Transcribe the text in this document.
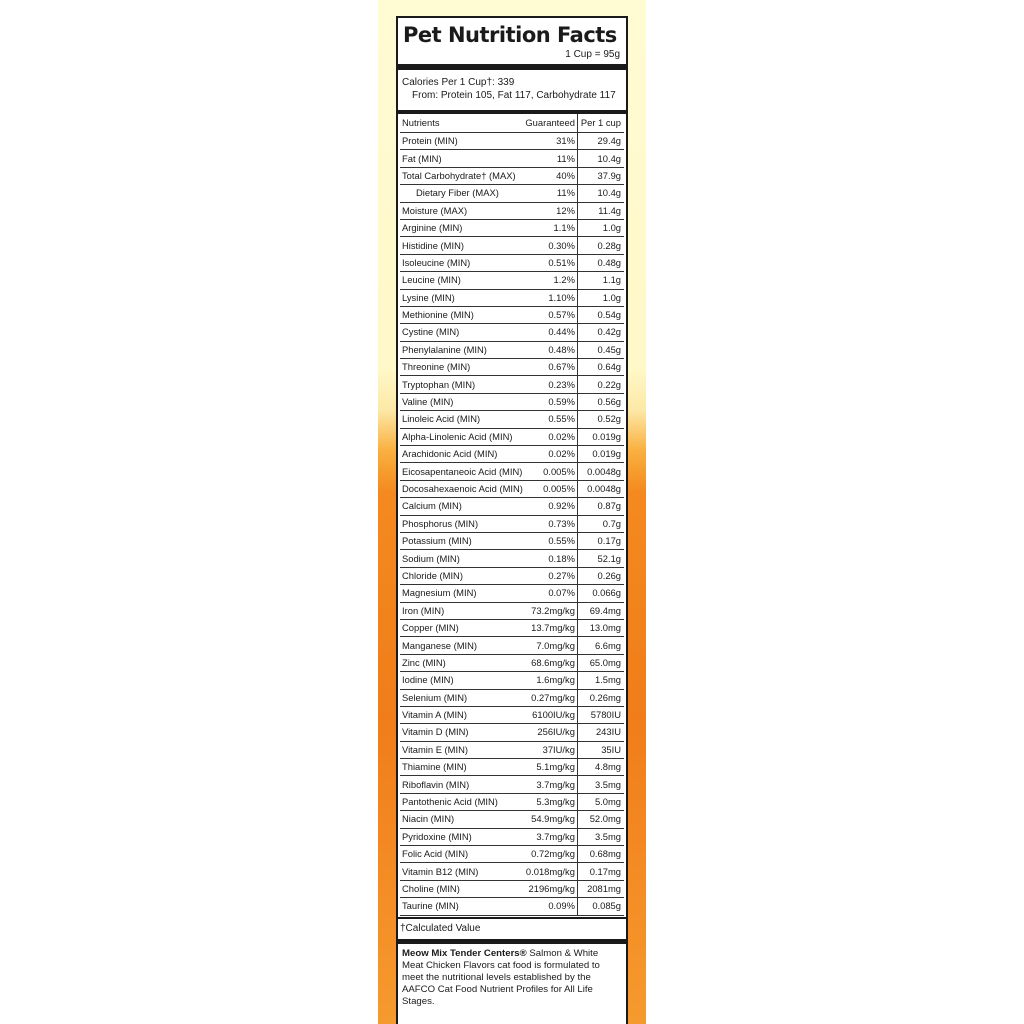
Pet Nutrition Facts
1 Cup = 95g
Calories Per 1 Cup†: 339
From: Protein 105, Fat 117, Carbohydrate 117
Nutrients	Guaranteed	Per 1 cup
Protein (MIN)	31%	29.4g
Fat (MIN)	11%	10.4g
Total Carbohydrate† (MAX)	40%	37.9g
Dietary Fiber (MAX)	11%	10.4g
Moisture (MAX)	12%	11.4g
Arginine (MIN)	1.1%	1.0g
Histidine (MIN)	0.30%	0.28g
Isoleucine (MIN)	0.51%	0.48g
Leucine (MIN)	1.2%	1.1g
Lysine (MIN)	1.10%	1.0g
Methionine (MIN)	0.57%	0.54g
Cystine (MIN)	0.44%	0.42g
Phenylalanine (MIN)	0.48%	0.45g
Threonine (MIN)	0.67%	0.64g
Tryptophan (MIN)	0.23%	0.22g
Valine (MIN)	0.59%	0.56g
Linoleic Acid (MIN)	0.55%	0.52g
Alpha-Linolenic Acid (MIN)	0.02%	0.019g
Arachidonic Acid (MIN)	0.02%	0.019g
Eicosapentaneoic Acid (MIN)	0.005%	0.0048g
Docosahexaenoic Acid (MIN)	0.005%	0.0048g
Calcium (MIN)	0.92%	0.87g
Phosphorus (MIN)	0.73%	0.7g
Potassium (MIN)	0.55%	0.17g
Sodium (MIN)	0.18%	52.1g
Chloride (MIN)	0.27%	0.26g
Magnesium (MIN)	0.07%	0.066g
Iron (MIN)	73.2mg/kg	69.4mg
Copper (MIN)	13.7mg/kg	13.0mg
Manganese (MIN)	7.0mg/kg	6.6mg
Zinc (MIN)	68.6mg/kg	65.0mg
Iodine (MIN)	1.6mg/kg	1.5mg
Selenium (MIN)	0.27mg/kg	0.26mg
Vitamin A (MIN)	6100IU/kg	5780IU
Vitamin D (MIN)	256IU/kg	243IU
Vitamin E (MIN)	37IU/kg	35IU
Thiamine (MIN)	5.1mg/kg	4.8mg
Riboflavin (MIN)	3.7mg/kg	3.5mg
Pantothenic Acid (MIN)	5.3mg/kg	5.0mg
Niacin (MIN)	54.9mg/kg	52.0mg
Pyridoxine (MIN)	3.7mg/kg	3.5mg
Folic Acid (MIN)	0.72mg/kg	0.68mg
Vitamin B12 (MIN)	0.018mg/kg	0.17mg
Choline (MIN)	2196mg/kg	2081mg
Taurine (MIN)	0.09%	0.085g
†Calculated Value
Meow Mix Tender Centers® Salmon & White Meat Chicken Flavors cat food is formulated to meet the nutritional levels established by the AAFCO Cat Food Nutrient Profiles for All Life Stages.
